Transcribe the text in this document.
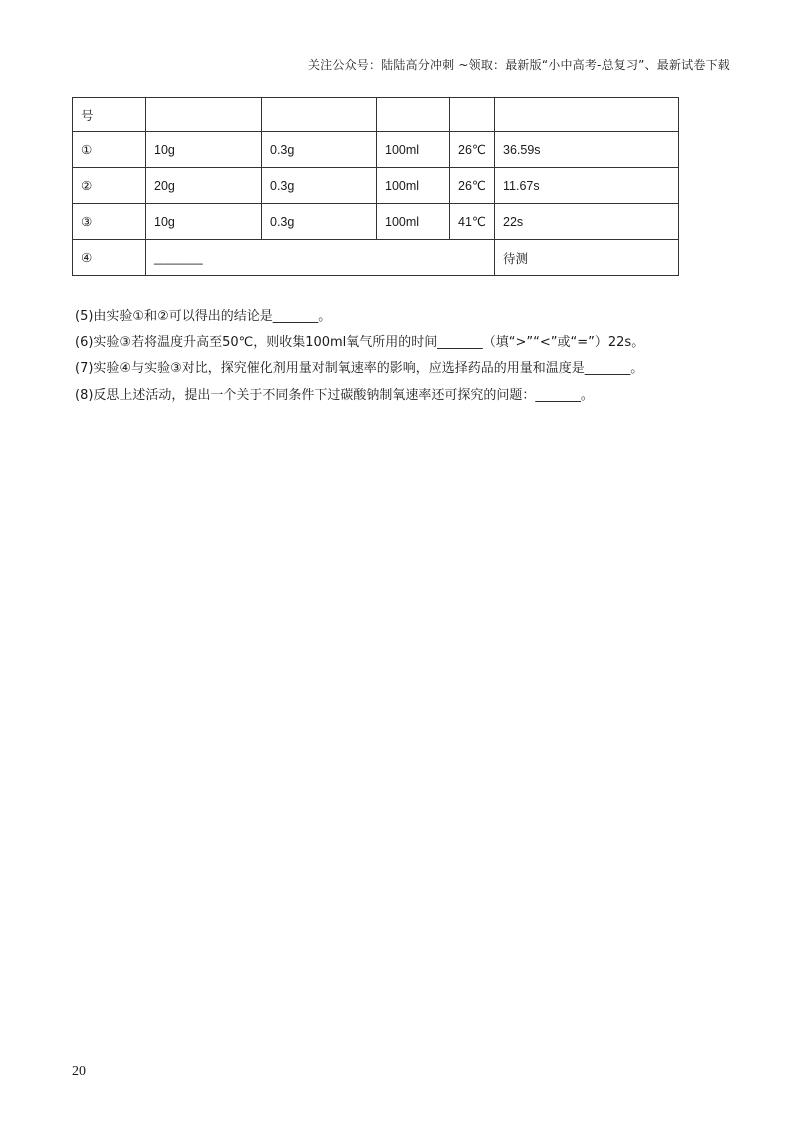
关注公众号：陆陆高分冲刺 ~领取：最新版“小中高考-总复习”、最新试卷下载
号					
①	10g	0.3g	100ml	26℃	36.59s
②	20g	0.3g	100ml	26℃	11.67s
③	10g	0.3g	100ml	41℃	22s
④	_______				待测
(5)由实验①和②可以得出的结论是_______。
(6)实验③若将温度升高至50℃，则收集100ml氧气所用的时间_______（填“>”“<”或“=”）22s。
(7)实验④与实验③对比，探究催化剂用量对制氧速率的影响，应选择药品的用量和温度是_______。
(8)反思上述活动，提出一个关于不同条件下过碳酸钠制氧速率还可探究的问题：_______。
20
